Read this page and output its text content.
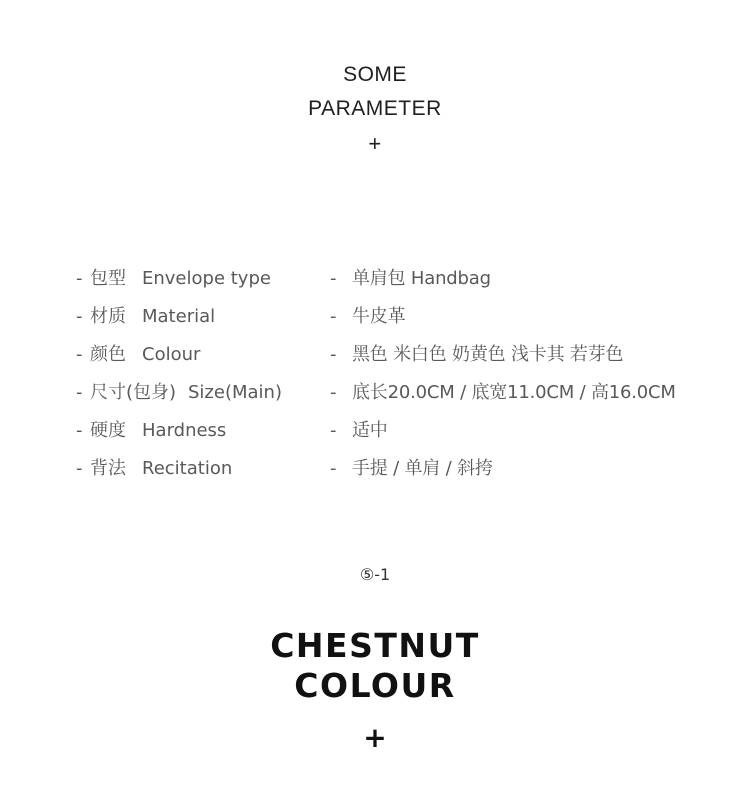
SOME
PARAMETER
+
- 包型 Envelope type	- 单肩包 Handbag
- 材质 Material	- 牛皮革
- 颜色 Colour	- 黑色 米白色 奶黄色 浅卡其 若芽色
- 尺寸(包身) Size(Main)	- 底长20.0CM / 底宽11.0CM / 高16.0CM
- 硬度 Hardness	- 适中
- 背法 Recitation	- 手提 / 单肩 / 斜挎
⑤-1
CHESTNUT
COLOUR
+
